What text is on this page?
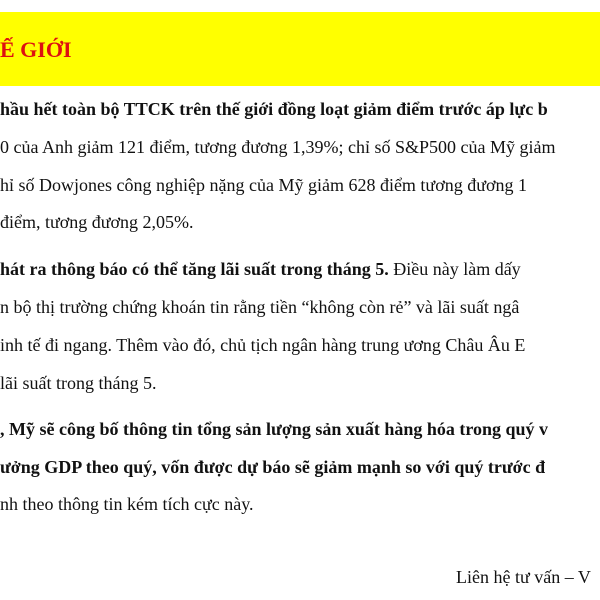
Ế GIỚI
hầu hết toàn bộ TTCK trên thế giới đồng loạt giảm điểm trước áp lực b
0 của Anh giảm 121 điểm, tương đương 1,39%; chỉ số S&P500 của Mỹ giảm
hỉ số Dowjones công nghiệp nặng của Mỹ giảm 628 điểm tương đương 1
điểm, tương đương 2,05%.
hát ra thông báo có thể tăng lãi suất trong tháng 5. Điều này làm dấy
n bộ thị trường chứng khoán tin rằng tiền “không còn rẻ” và lãi suất ngâ
inh tế đi ngang. Thêm vào đó, chủ tịch ngân hàng trung ương Châu Âu E
lãi suất trong tháng 5.
, Mỹ sẽ công bố thông tin tổng sản lượng sản xuất hàng hóa trong quý v
ưởng GDP theo quý, vốn được dự báo sẽ giảm mạnh so với quý trước đ
nh theo thông tin kém tích cực này.
Liên hệ tư vấn – V
